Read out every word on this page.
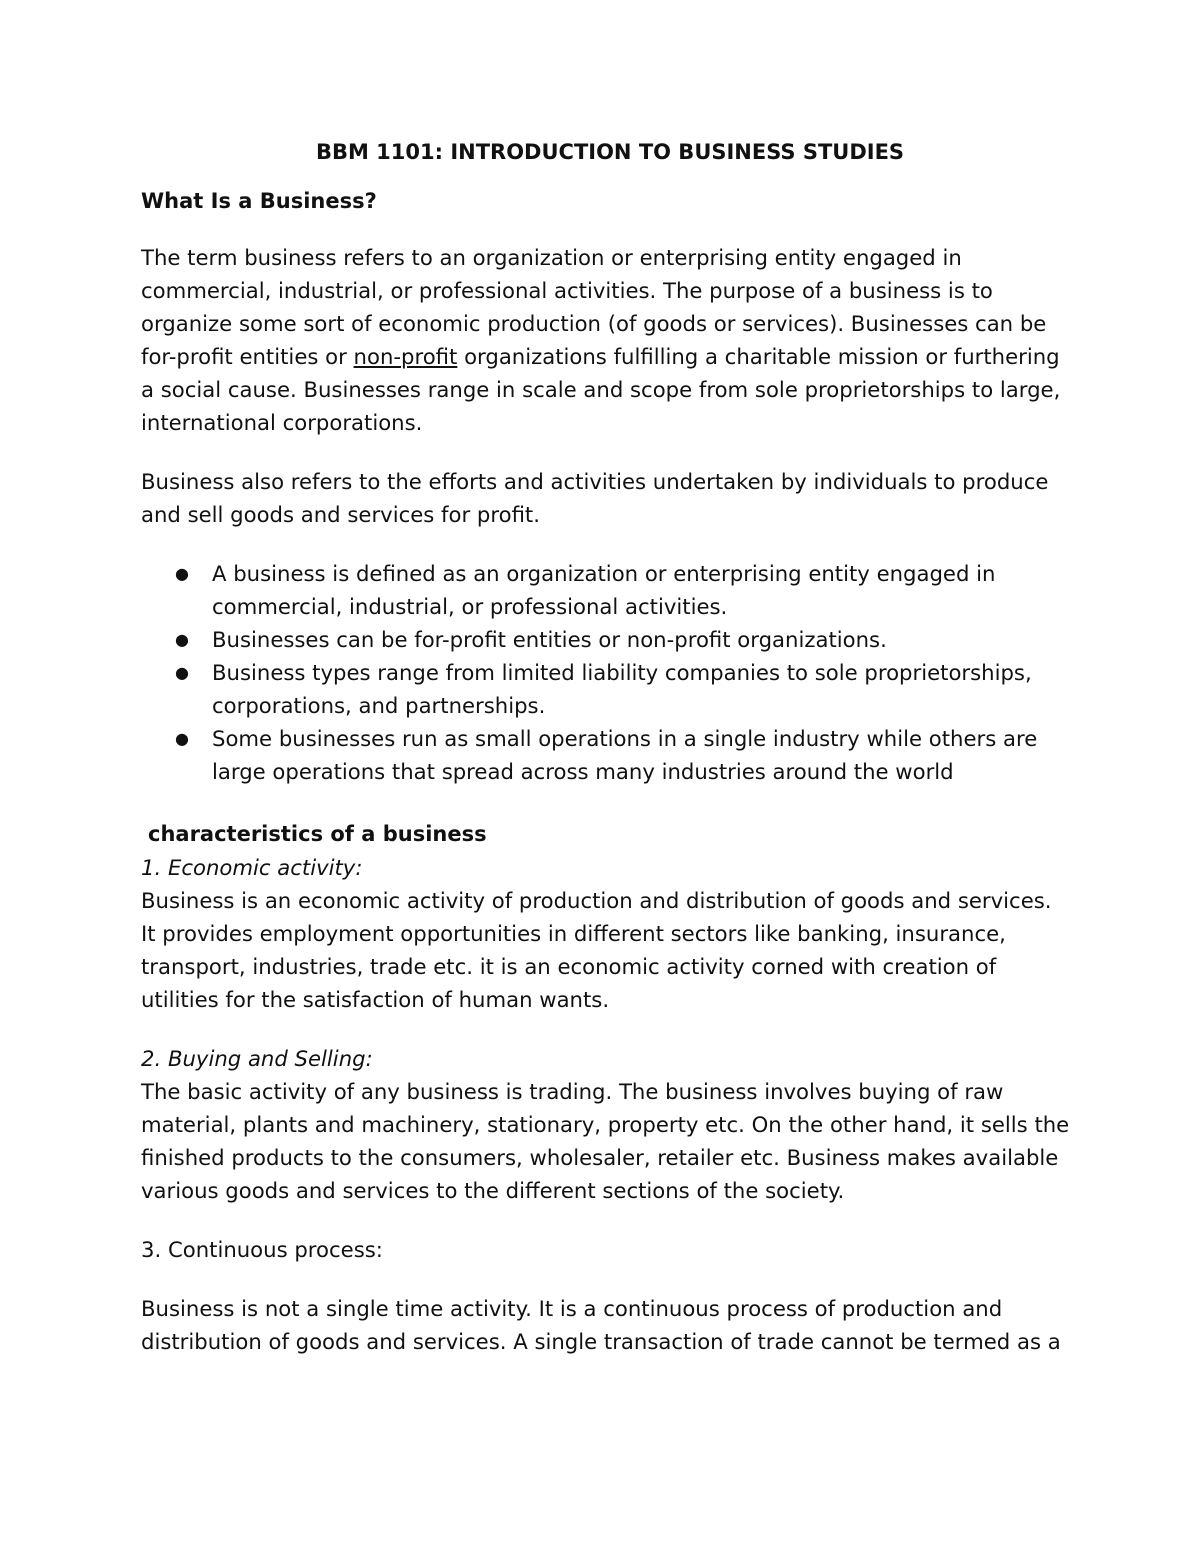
BBM 1101: INTRODUCTION TO BUSINESS STUDIES
What Is a Business?

The term business refers to an organization or enterprising entity engaged in commercial, industrial, or professional activities. The purpose of a business is to organize some sort of economic production (of goods or services). Businesses can be for-profit entities or non-profit organizations fulfilling a charitable mission or furthering a social cause. Businesses range in scale and scope from sole proprietorships to large, international corporations.

Business also refers to the efforts and activities undertaken by individuals to produce and sell goods and services for profit.

● A business is defined as an organization or enterprising entity engaged in commercial, industrial, or professional activities.
● Businesses can be for-profit entities or non-profit organizations.
● Business types range from limited liability companies to sole proprietorships, corporations, and partnerships.
● Some businesses run as small operations in a single industry while others are large operations that spread across many industries around the world
characteristics of a business
1. Economic activity:

Business is an economic activity of production and distribution of goods and services. It provides employment opportunities in different sectors like banking, insurance, transport, industries, trade etc. it is an economic activity corned with creation of utilities for the satisfaction of human wants.

2. Buying and Selling:

The basic activity of any business is trading. The business involves buying of raw material, plants and machinery, stationary, property etc. On the other hand, it sells the finished products to the consumers, wholesaler, retailer etc. Business makes available various goods and services to the different sections of the society.

3. Continuous process:

Business is not a single time activity. It is a continuous process of production and distribution of goods and services. A single transaction of trade cannot be termed as a
